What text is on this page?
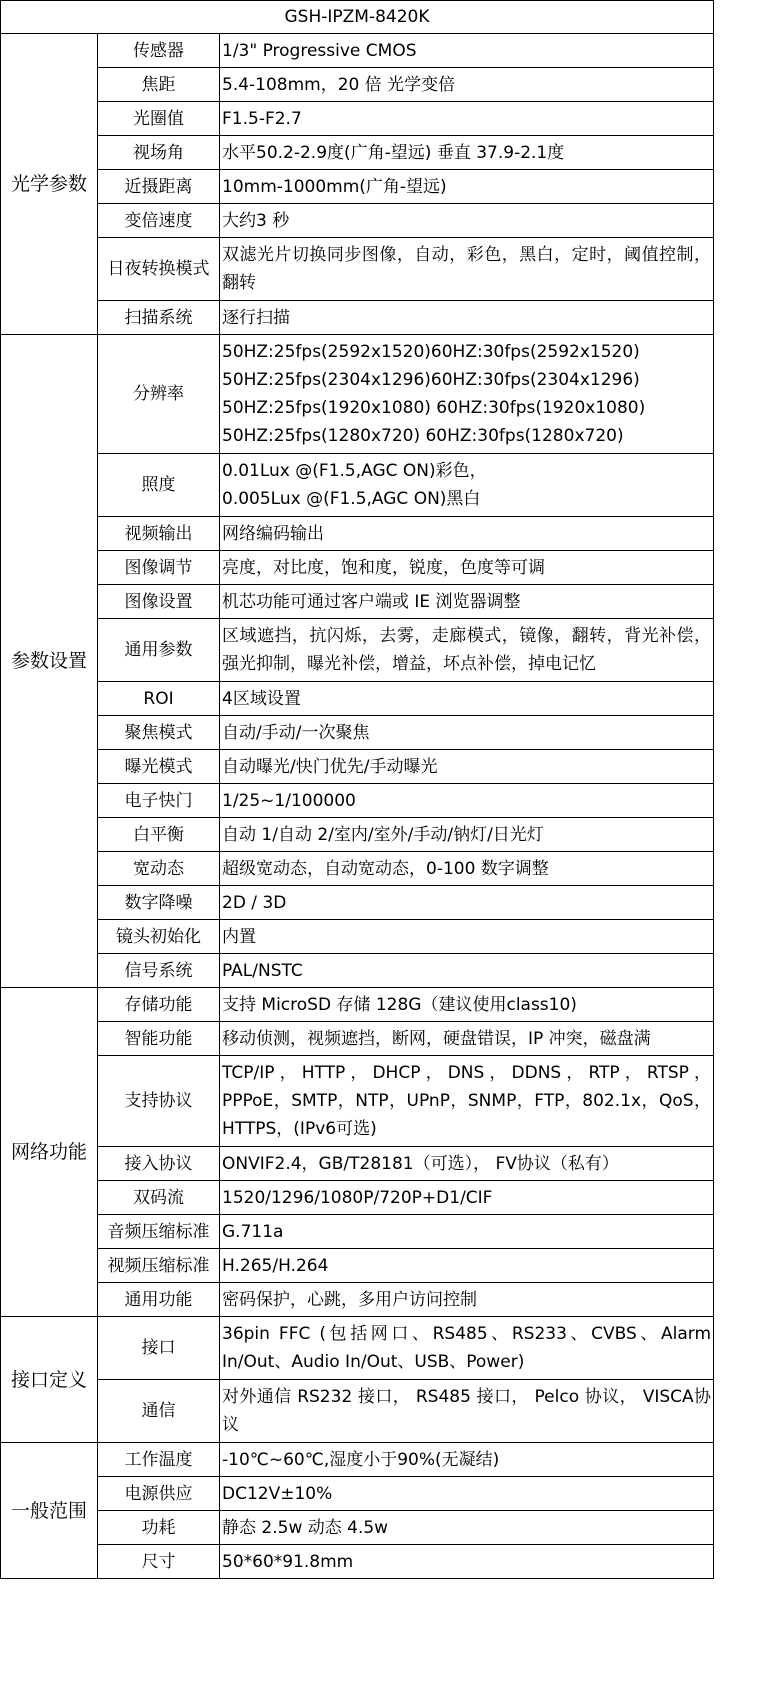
GSH-IPZM-8420K		
光学参数	传感器	1/3" Progressive CMOS

	焦距	5.4-108mm，20 倍 光学变倍

	光圈值	F1.5-F2.7

	视场角	水平50.2-2.9度(广角-望远) 垂直 37.9-2.1度

	近摄距离	10mm-1000mm(广角-望远)

	变倍速度	大约3 秒

	日夜转换模式	双滤光片切换同步图像，自动，彩色，黑白，定时，阈值控制，翻转

	扫描系统	逐行扫描

参数设置	分辨率	50HZ:25fps(2592x1520)60HZ:30fps(2592x1520)
50HZ:25fps(2304x1296)60HZ:30fps(2304x1296)
50HZ:25fps(1920x1080) 60HZ:30fps(1920x1080)
50HZ:25fps(1280x720) 60HZ:30fps(1280x720)

	照度	0.01Lux @(F1.5,AGC ON)彩色，
0.005Lux @(F1.5,AGC ON)黑白

	视频输出	网络编码输出

	图像调节	亮度，对比度，饱和度，锐度，色度等可调

	图像设置	机芯功能可通过客户端或 IE 浏览器调整

	通用参数	区域遮挡，抗闪烁，去雾，走廊模式，镜像，翻转，背光补偿，强光抑制，曝光补偿，增益，坏点补偿，掉电记忆

	ROI	4区域设置

	聚焦模式	自动/手动/一次聚焦

	曝光模式	自动曝光/快门优先/手动曝光

	电子快门	1/25~1/100000

	白平衡	自动 1/自动 2/室内/室外/手动/钠灯/日光灯

	宽动态	超级宽动态，自动宽动态，0-100 数字调整

	数字降噪	2D / 3D

	镜头初始化	内置

	信号系统	PAL/NSTC

网络功能	存储功能	支持 MicroSD 存储 128G（建议使用class10)

	智能功能	移动侦测，视频遮挡，断网，硬盘错误，IP 冲突，磁盘满

	支持协议	TCP/IP，HTTP，DHCP，DNS，DDNS，RTP，RTSP，PPPoE，SMTP，NTP，UPnP，SNMP，FTP，802.1x，QoS，HTTPS，(IPv6可选)

	接入协议	ONVIF2.4，GB/T28181（可选）， FV协议（私有）

	双码流	1520/1296/1080P/720P+D1/CIF

	音频压缩标准	G.711a

	视频压缩标准	H.265/H.264

	通用功能	密码保护，心跳，多用户访问控制

接口定义	接口	36pin FFC (包括网口、RS485、RS233、CVBS、Alarm In/Out、Audio In/Out、USB、Power)

	通信	对外通信 RS232 接口， RS485 接口， Pelco 协议， VISCA协议

一般范围	工作温度	-10℃~60℃,湿度小于90%(无凝结)

	电源供应	DC12V±10%

	功耗	静态 2.5w 动态 4.5w

	尺寸	50*60*91.8mm
